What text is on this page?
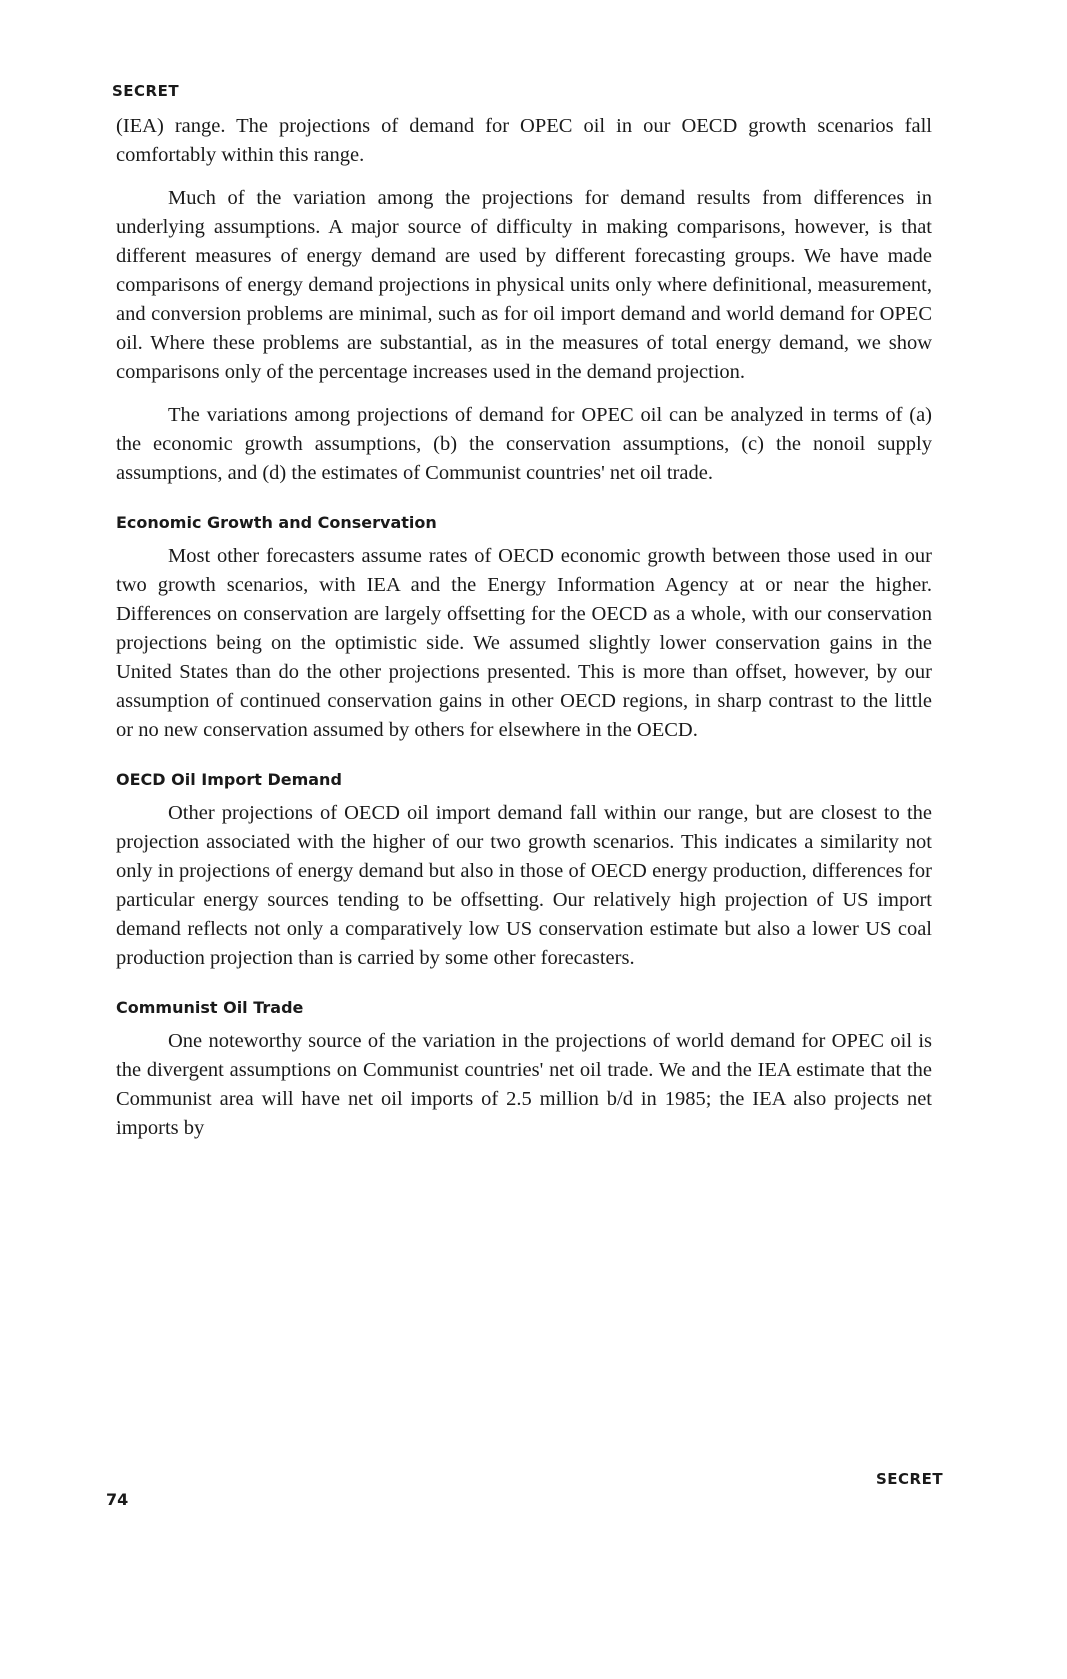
SECRET

(IEA) range. The projections of demand for OPEC oil in our OECD growth scenarios fall comfortably within this range.

Much of the variation among the projections for demand results from differences in underlying assumptions. A major source of difficulty in making comparisons, however, is that different measures of energy demand are used by different forecasting groups. We have made comparisons of energy demand projections in physical units only where definitional, measurement, and conversion problems are minimal, such as for oil import demand and world demand for OPEC oil. Where these problems are substantial, as in the measures of total energy demand, we show comparisons only of the percentage increases used in the demand projection.

The variations among projections of demand for OPEC oil can be analyzed in terms of (a) the economic growth assumptions, (b) the conservation assumptions, (c) the nonoil supply assumptions, and (d) the estimates of Communist countries' net oil trade.

Economic Growth and Conservation

Most other forecasters assume rates of OECD economic growth between those used in our two growth scenarios, with IEA and the Energy Information Agency at or near the higher. Differences on conservation are largely offsetting for the OECD as a whole, with our conservation projections being on the optimistic side. We assumed slightly lower conservation gains in the United States than do the other projections presented. This is more than offset, however, by our assumption of continued conservation gains in other OECD regions, in sharp contrast to the little or no new conservation assumed by others for elsewhere in the OECD.

OECD Oil Import Demand

Other projections of OECD oil import demand fall within our range, but are closest to the projection associated with the higher of our two growth scenarios. This indicates a similarity not only in projections of energy demand but also in those of OECD energy production, differences for particular energy sources tending to be offsetting. Our relatively high projection of US import demand reflects not only a comparatively low US conservation estimate but also a lower US coal production projection than is carried by some other forecasters.

Communist Oil Trade

One noteworthy source of the variation in the projections of world demand for OPEC oil is the divergent assumptions on Communist countries' net oil trade. We and the IEA estimate that the Communist area will have net oil imports of 2.5 million b/d in 1985; the IEA also projects net imports by

SECRET
74
